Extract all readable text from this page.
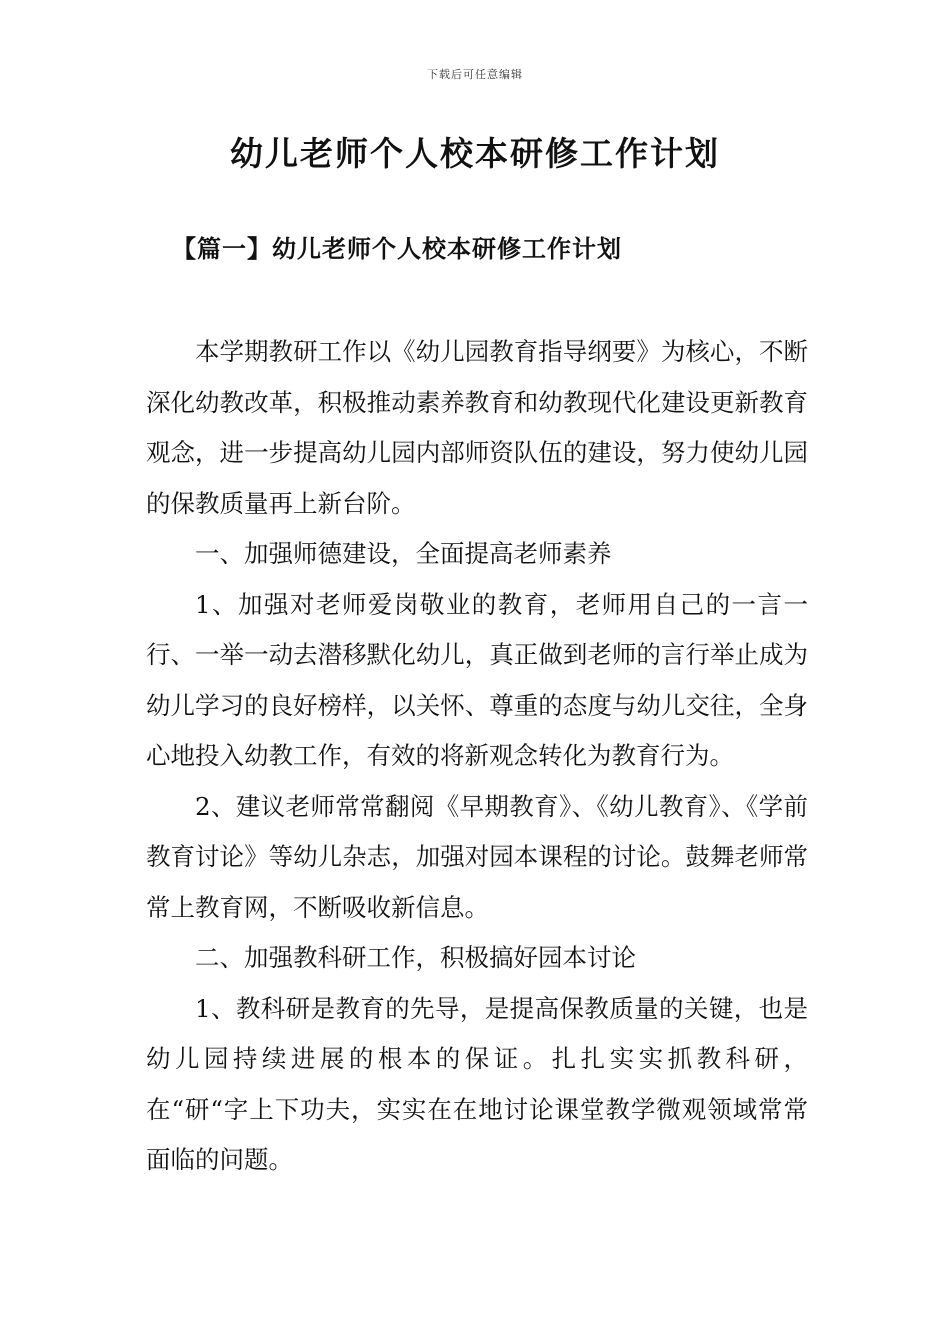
下载后可任意编辑
幼儿老师个人校本研修工作计划
【篇一】幼儿老师个人校本研修工作计划

本学期教研工作以《幼儿园教育指导纲要》为核心，不断深化幼教改革，积极推动素养教育和幼教现代化建设更新教育观念，进一步提高幼儿园内部师资队伍的建设，努力使幼儿园的保教质量再上新台阶。

一、加强师德建设，全面提高老师素养

1、加强对老师爱岗敬业的教育，老师用自己的一言一行、一举一动去潜移默化幼儿，真正做到老师的言行举止成为幼儿学习的良好榜样，以关怀、尊重的态度与幼儿交往，全身心地投入幼教工作，有效的将新观念转化为教育行为。

2、建议老师常常翻阅《早期教育》、《幼儿教育》、《学前教育讨论》等幼儿杂志，加强对园本课程的讨论。鼓舞老师常常上教育网，不断吸收新信息。

二、加强教科研工作，积极搞好园本讨论

1、教科研是教育的先导，是提高保教质量的关键，也是幼儿园持续进展的根本的保证。扎扎实实抓教科研，在“研“字上下功夫，实实在在地讨论课堂教学微观领域常常面临的问题。
